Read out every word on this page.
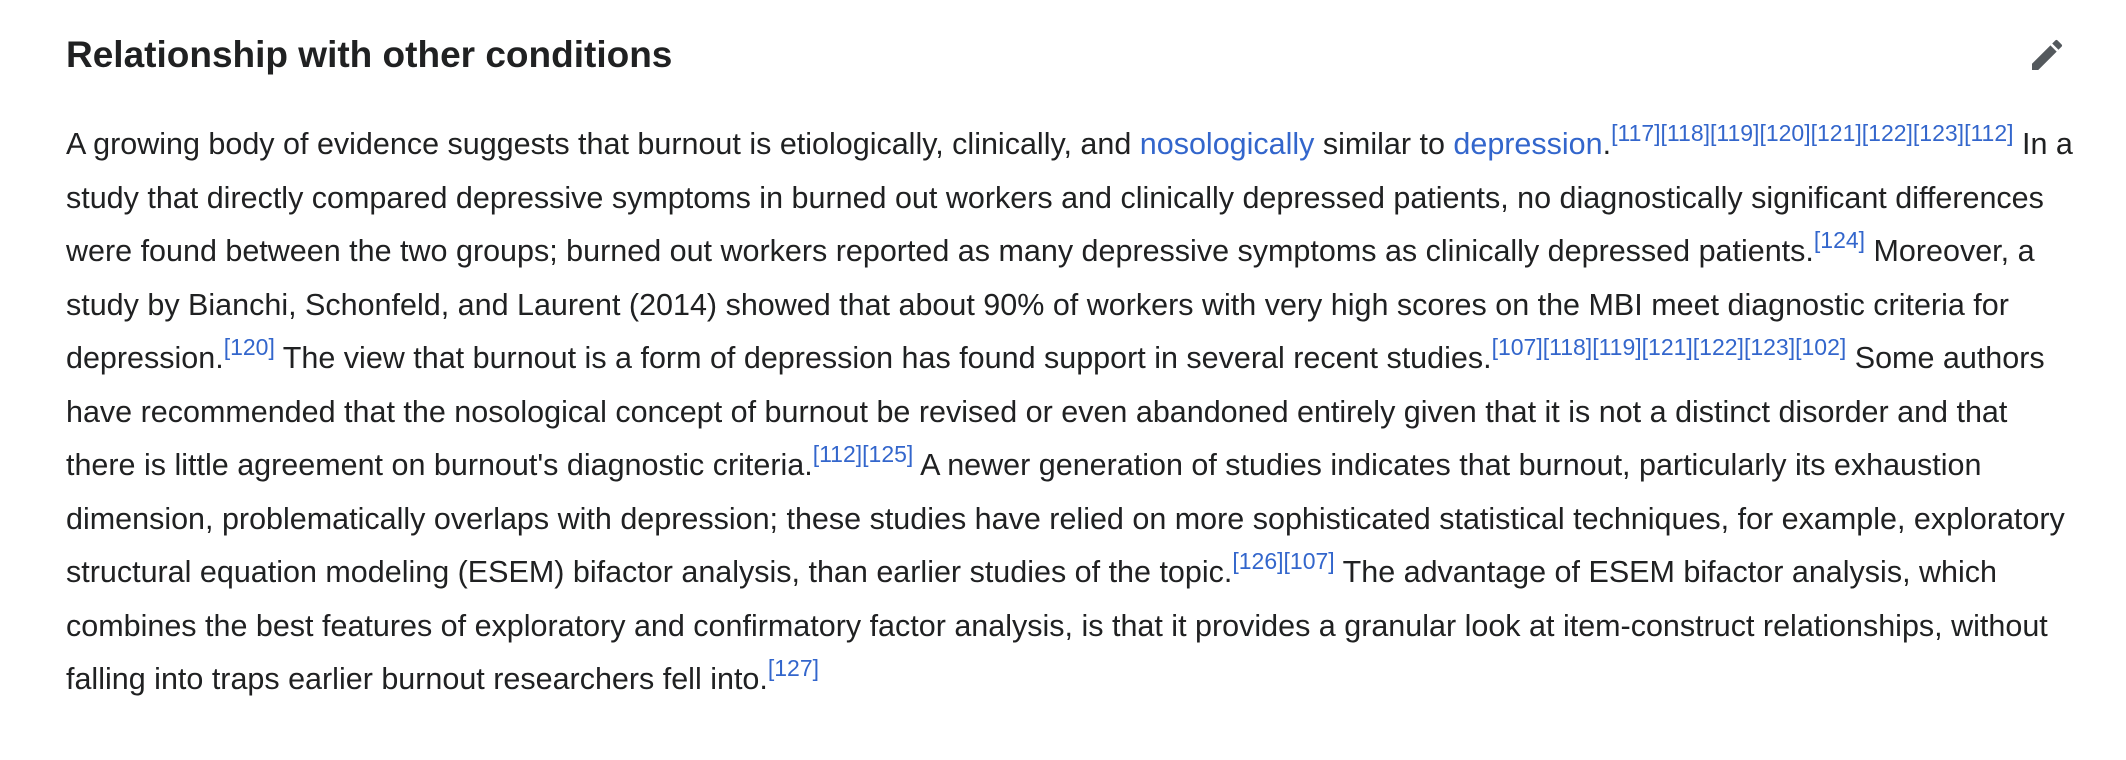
Relationship with other conditions

A growing body of evidence suggests that burnout is etiologically, clinically, and nosologically similar to depression.[117][118][119][120][121][122][123][112] In a study that directly compared depressive symptoms in burned out workers and clinically depressed patients, no diagnostically significant differences were found between the two groups; burned out workers reported as many depressive symptoms as clinically depressed patients.[124] Moreover, a study by Bianchi, Schonfeld, and Laurent (2014) showed that about 90% of workers with very high scores on the MBI meet diagnostic criteria for depression.[120] The view that burnout is a form of depression has found support in several recent studies.[107][118][119][121][122][123][102] Some authors have recommended that the nosological concept of burnout be revised or even abandoned entirely given that it is not a distinct disorder and that there is little agreement on burnout's diagnostic criteria.[112][125] A newer generation of studies indicates that burnout, particularly its exhaustion dimension, problematically overlaps with depression; these studies have relied on more sophisticated statistical techniques, for example, exploratory structural equation modeling (ESEM) bifactor analysis, than earlier studies of the topic.[126][107] The advantage of ESEM bifactor analysis, which combines the best features of exploratory and confirmatory factor analysis, is that it provides a granular look at item-construct relationships, without falling into traps earlier burnout researchers fell into.[127]
